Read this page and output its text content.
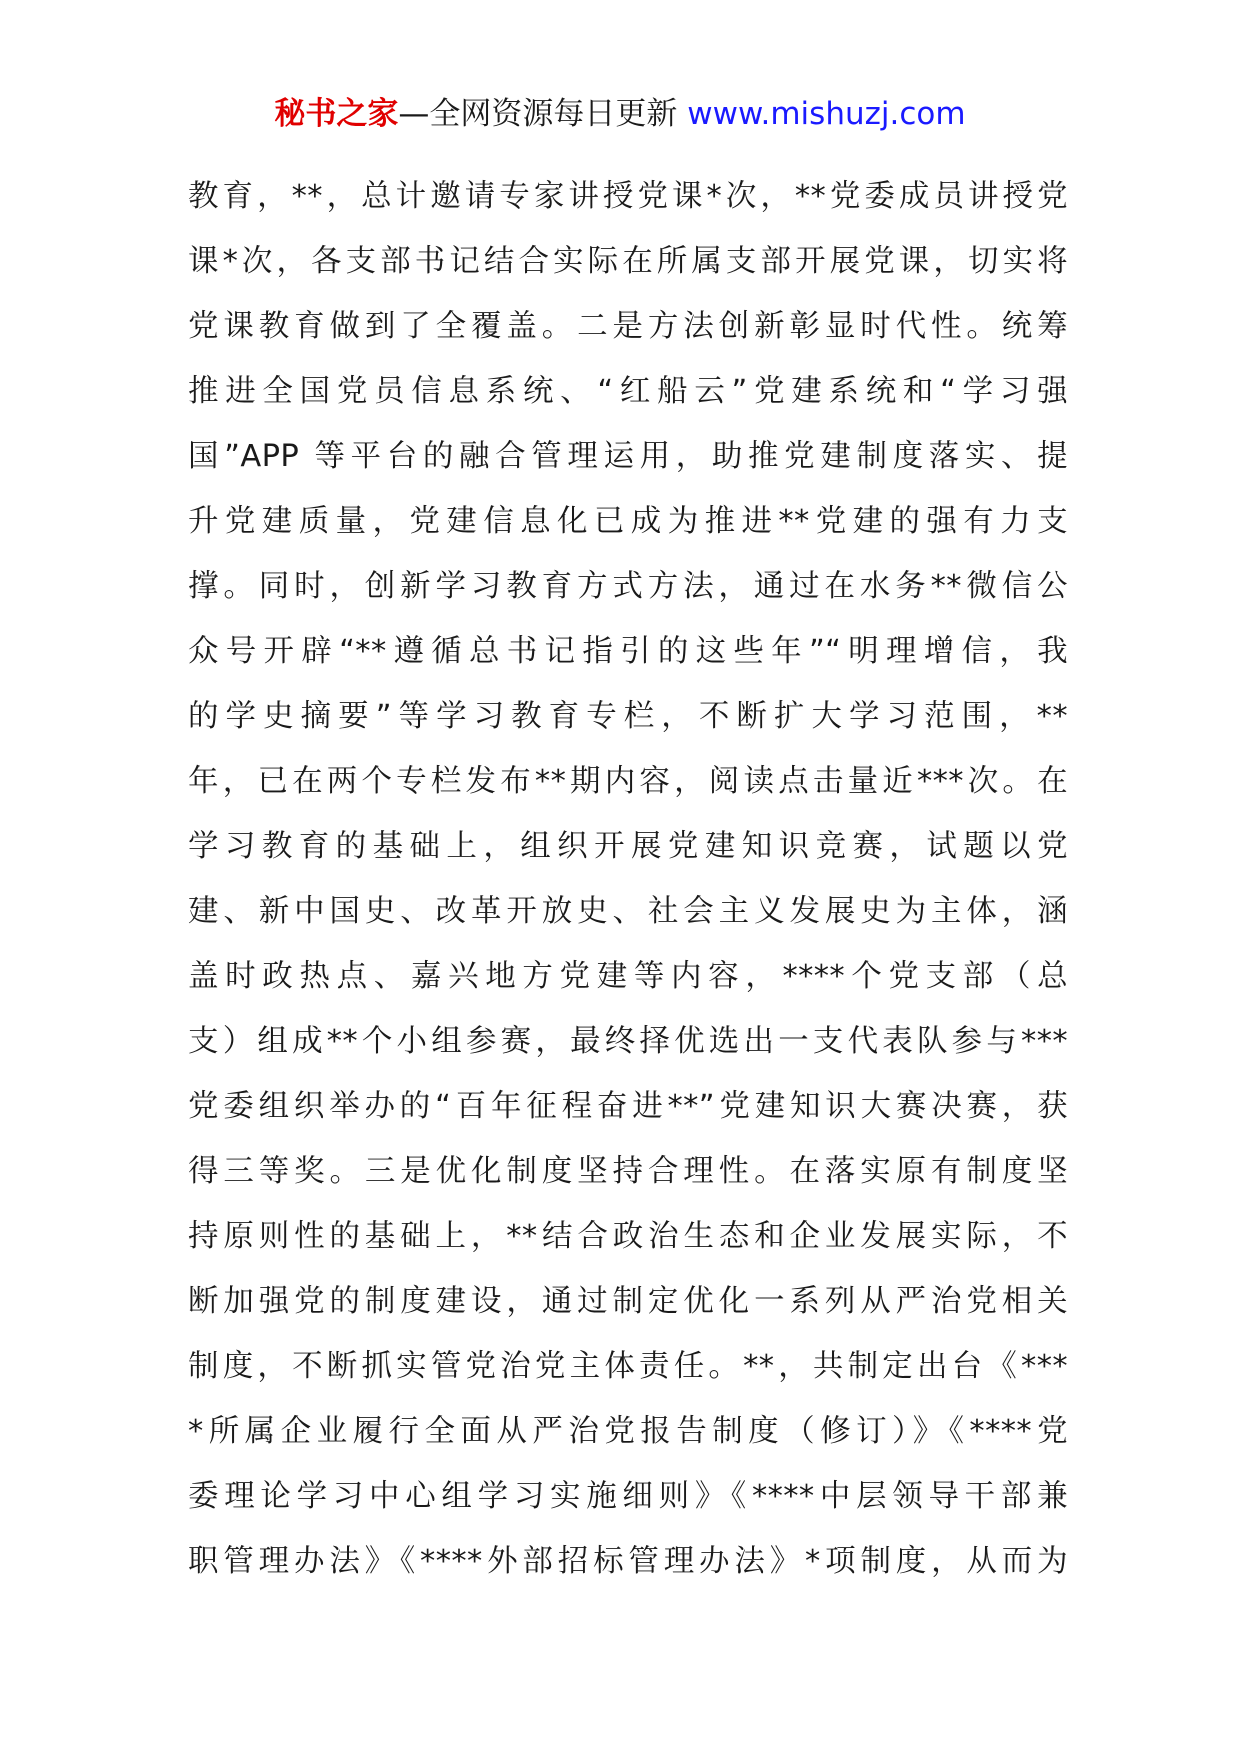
秘书之家—全网资源每日更新 www.mishuzj.com
教育，**，总计邀请专家讲授党课*次，**党委成员讲授党
课*次，各支部书记结合实际在所属支部开展党课，切实将
党课教育做到了全覆盖。二是方法创新彰显时代性。统筹
推进全国党员信息系统、“红船云”党建系统和“学习强
国”APP 等平台的融合管理运用，助推党建制度落实、提
升党建质量，党建信息化已成为推进**党建的强有力支
撑。同时，创新学习教育方式方法，通过在水务**微信公
众号开辟“**遵循总书记指引的这些年”“明理增信，我
的学史摘要”等学习教育专栏，不断扩大学习范围，**
年，已在两个专栏发布**期内容，阅读点击量近***次。在
学习教育的基础上，组织开展党建知识竞赛，试题以党
建、新中国史、改革开放史、社会主义发展史为主体，涵
盖时政热点、嘉兴地方党建等内容，****个党支部（总
支）组成**个小组参赛，最终择优选出一支代表队参与***
党委组织举办的“百年征程奋进**”党建知识大赛决赛，获
得三等奖。三是优化制度坚持合理性。在落实原有制度坚
持原则性的基础上，**结合政治生态和企业发展实际，不
断加强党的制度建设，通过制定优化一系列从严治党相关
制度，不断抓实管党治党主体责任。**，共制定出台《***
*所属企业履行全面从严治党报告制度（修订）》《****党
委理论学习中心组学习实施细则》《****中层领导干部兼
职管理办法》《****外部招标管理办法》*项制度，从而为
